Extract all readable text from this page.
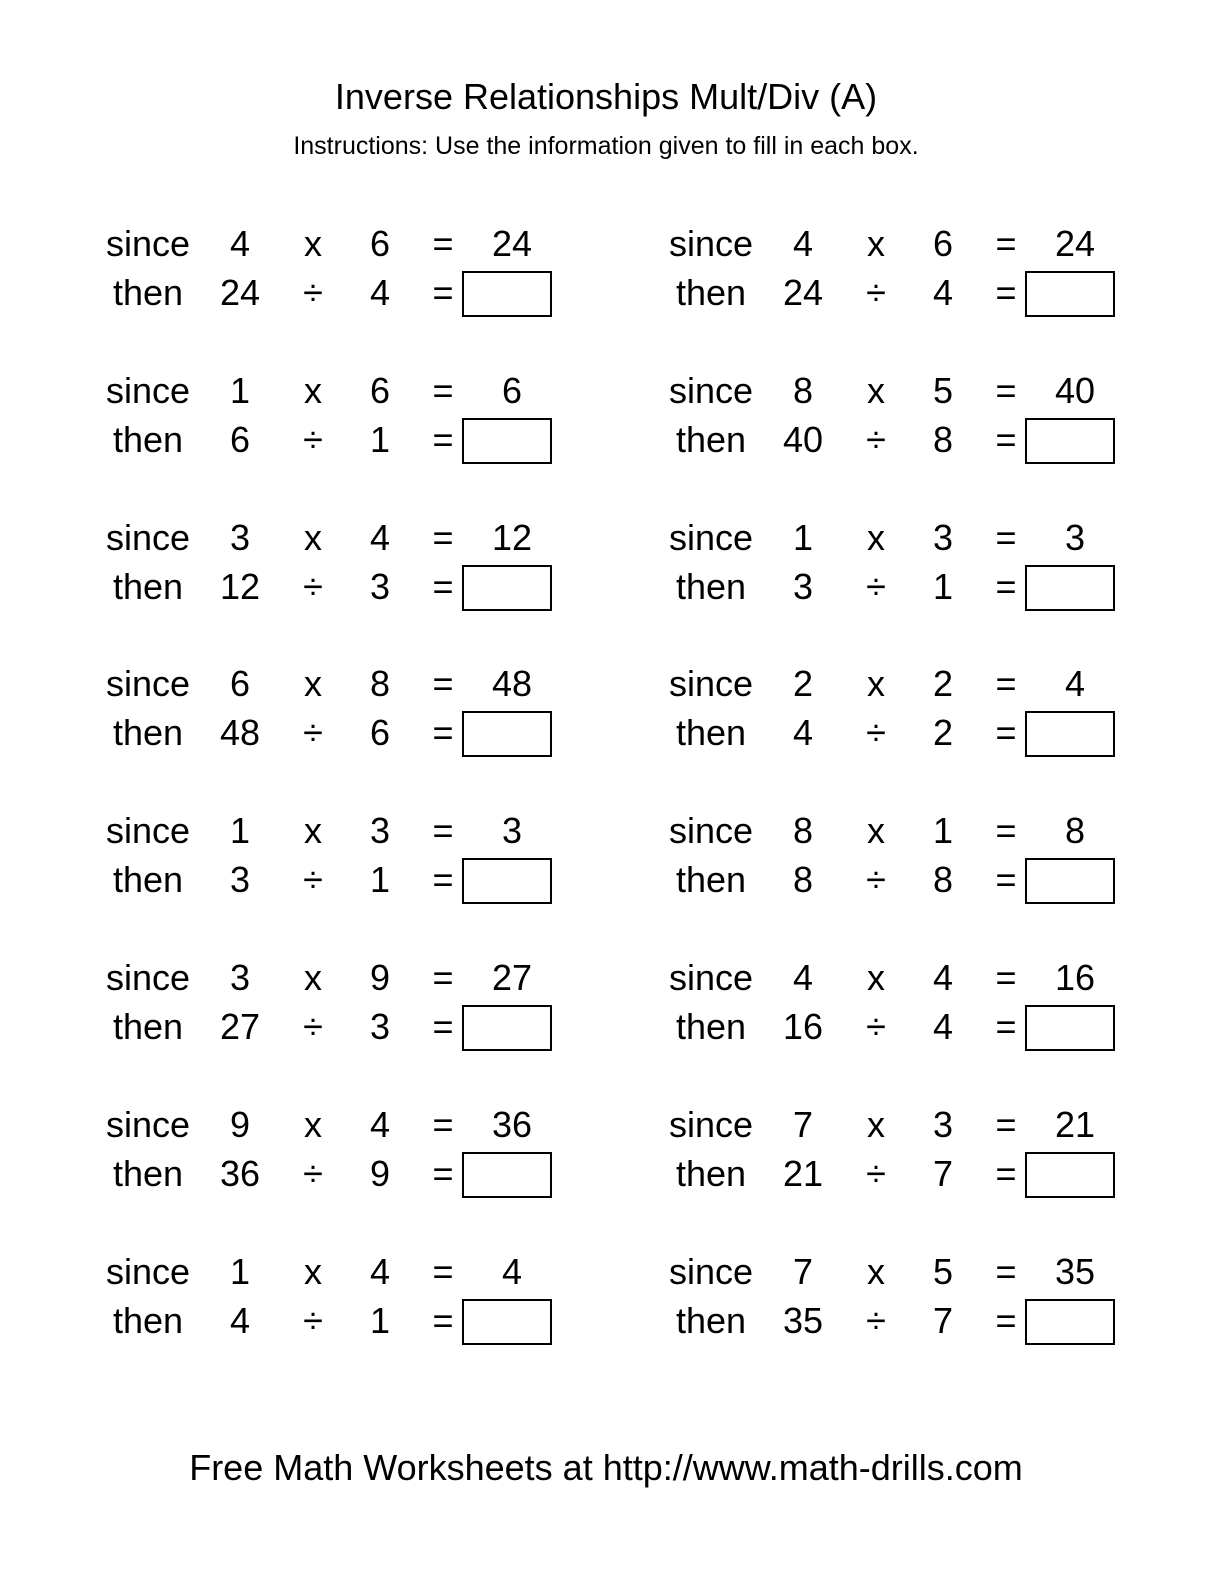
Inverse Relationships Mult/Div (A)
Instructions: Use the information given to fill in each box.
since	4	x	6	=	24
then	24	÷	4	=
since	4	x	6	=	24
then	24	÷	4	=
since	1	x	6	=	6
then	6	÷	1	=
since	8	x	5	=	40
then	40	÷	8	=
since	3	x	4	=	12
then	12	÷	3	=
since	1	x	3	=	3
then	3	÷	1	=
since	6	x	8	=	48
then	48	÷	6	=
since	2	x	2	=	4
then	4	÷	2	=
since	1	x	3	=	3
then	3	÷	1	=
since	8	x	1	=	8
then	8	÷	8	=
since	3	x	9	=	27
then	27	÷	3	=
since	4	x	4	=	16
then	16	÷	4	=
since	9	x	4	=	36
then	36	÷	9	=
since	7	x	3	=	21
then	21	÷	7	=
since	1	x	4	=	4
then	4	÷	1	=
since	7	x	5	=	35
then	35	÷	7	=
Free Math Worksheets at http://www.math-drills.com
